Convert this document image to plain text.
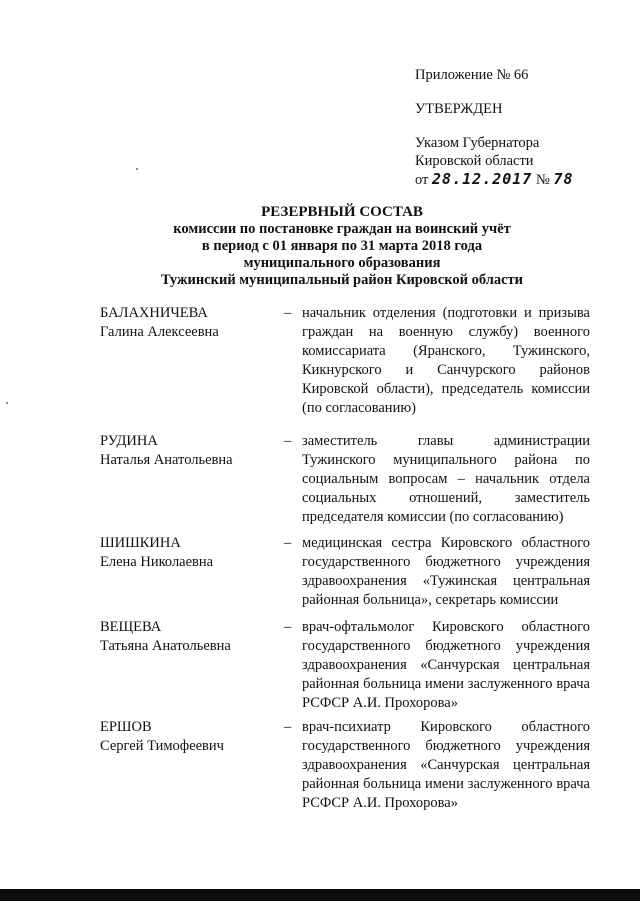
Приложение № 66

УТВЕРЖДЕН

Указом Губернатора

Кировской области

от 28.12.2017 № 78

РЕЗЕРВНЫЙ СОСТАВ
комиссии по постановке граждан на воинский учёт
в период с 01 января по 31 марта 2018 года
муниципального образования
Тужинский муниципальный район Кировской области
БАЛАХНИЧЕВА
Галина Алексеевна
– начальник отделения (подготовки и призыва граждан на военную службу) военного комиссариата (Яранского, Тужинского, Кикнурского и Санчурского районов Кировской области), председатель комиссии (по согласованию)
РУДИНА
Наталья Анатольевна
– заместитель главы администрации Тужинского муниципального района по социальным вопросам – начальник отдела социальных отношений, заместитель председателя комиссии (по согласованию)
ШИШКИНА
Елена Николаевна
– медицинская сестра Кировского областного государственного бюджетного учреждения здравоохранения «Тужинская центральная районная больница», секретарь комиссии
ВЕЩЕВА
Татьяна Анатольевна
– врач-офтальмолог Кировского областного государственного бюджетного учреждения здравоохранения «Санчурская центральная районная больница имени заслуженного врача РСФСР А.И. Прохорова»
ЕРШОВ
Сергей Тимофеевич
– врач-психиатр Кировского областного государственного бюджетного учреждения здравоохранения «Санчурская центральная районная больница имени заслуженного врача РСФСР А.И. Прохорова»
